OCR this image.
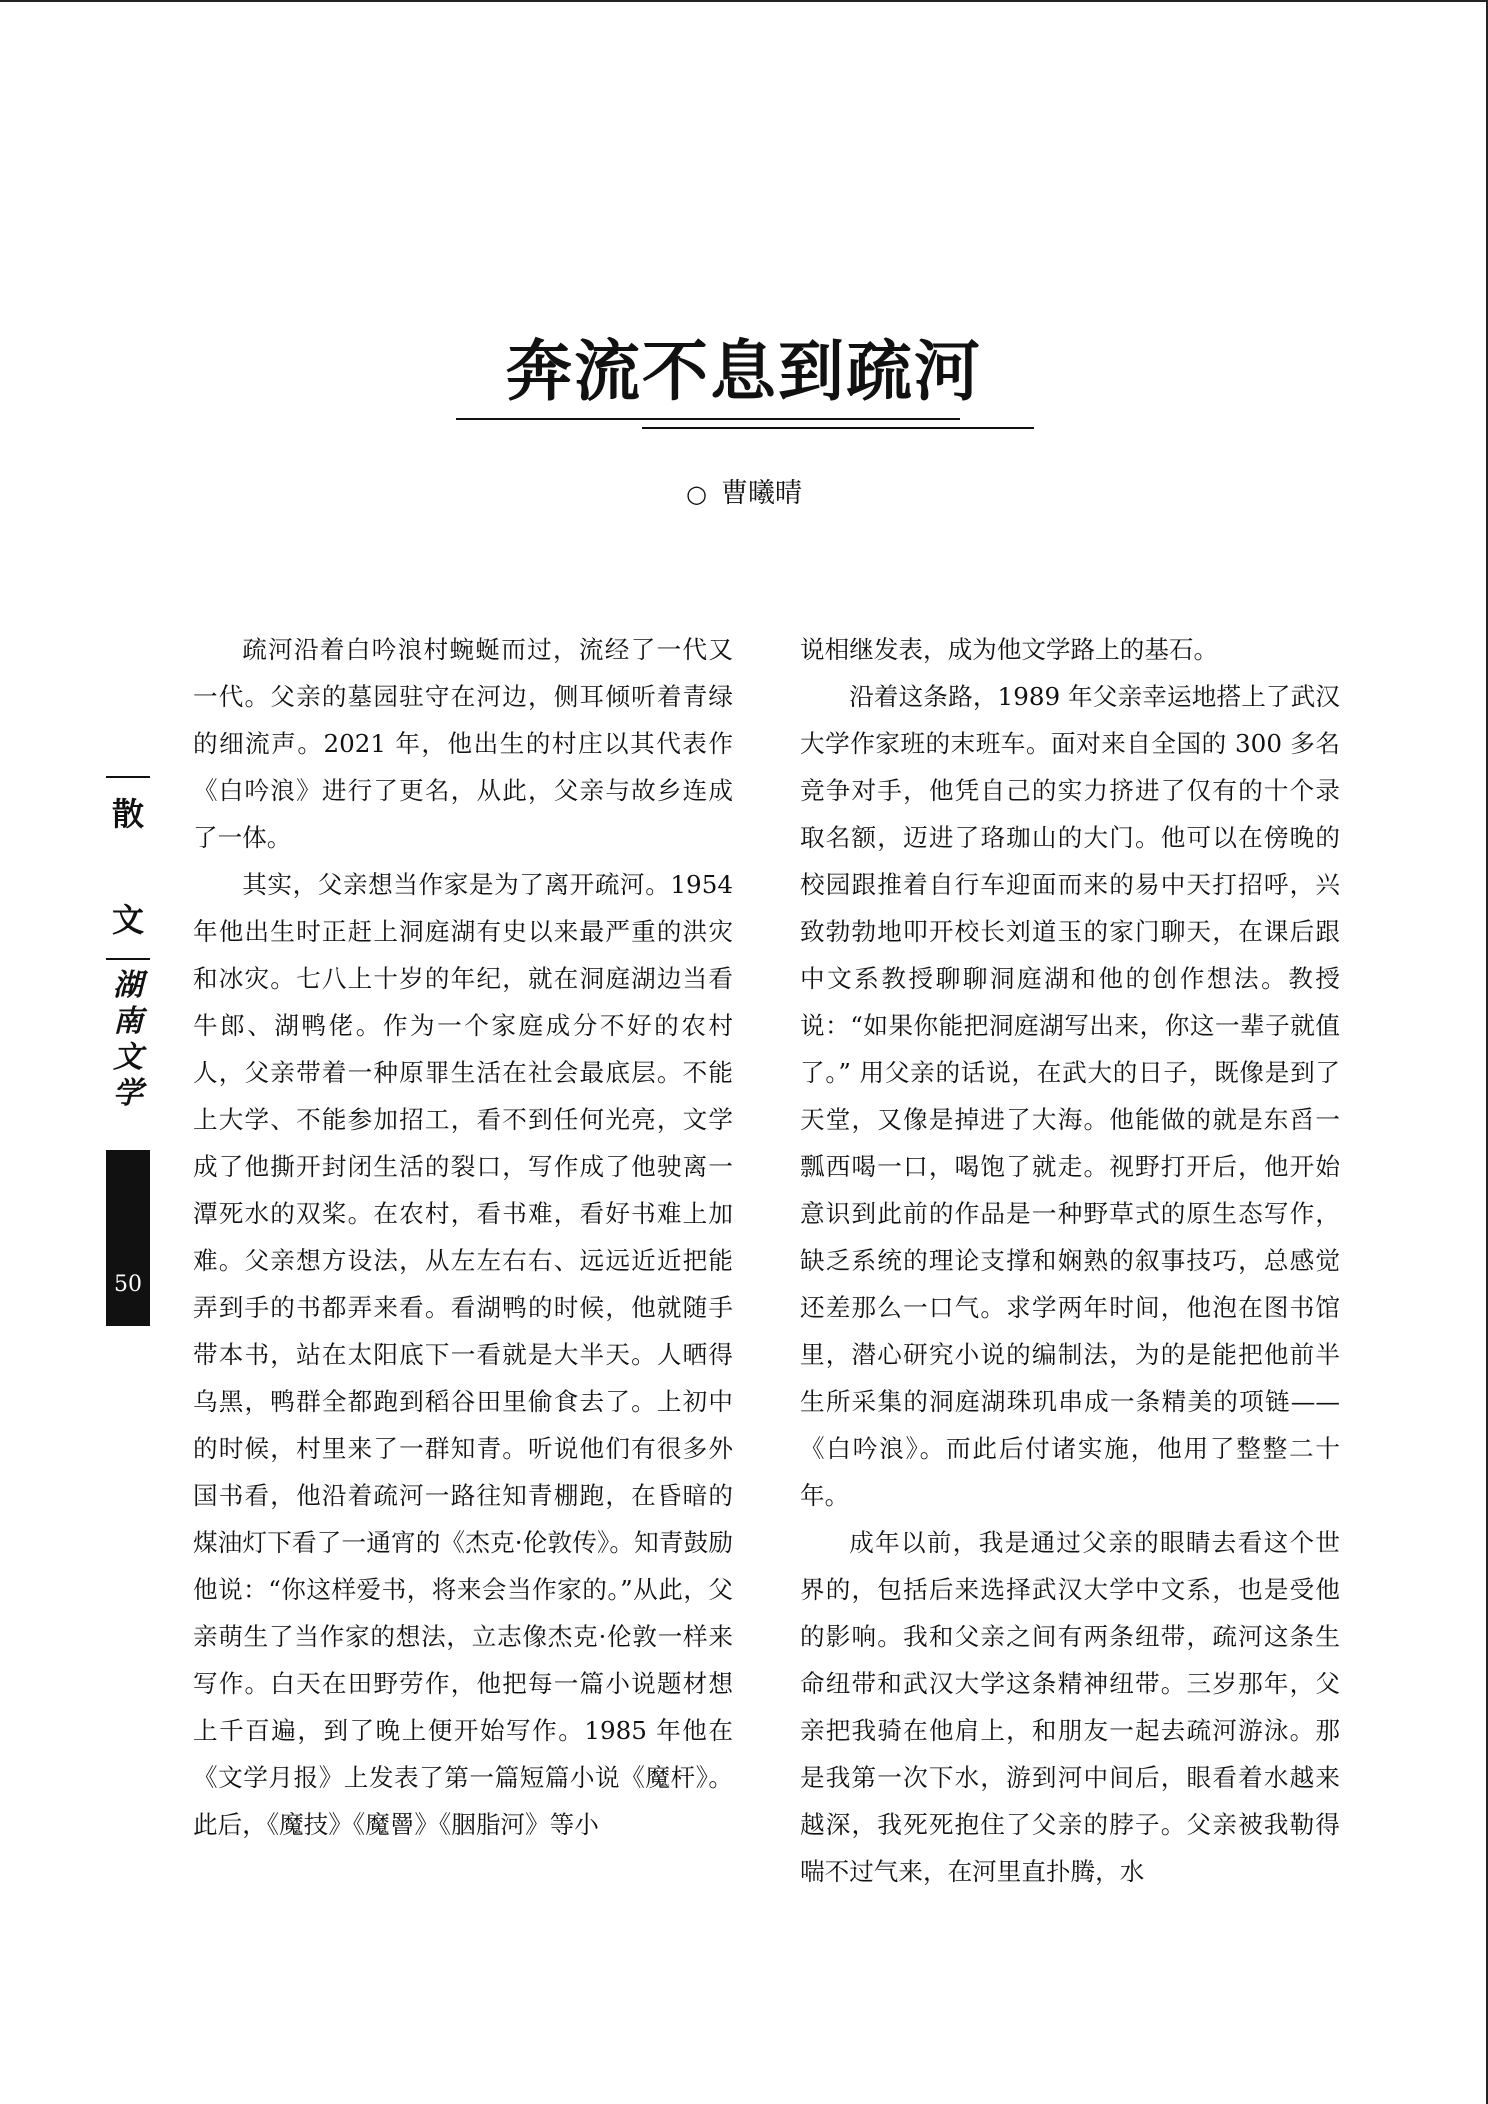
奔流不息到疏河
○ 曹曦晴
散
文
湖南文学
50

疏河沿着白吟浪村蜿蜒而过，流经了一代又一代。父亲的墓园驻守在河边，侧耳倾听着青绿的细流声。2021 年，他出生的村庄以其代表作《白吟浪》进行了更名，从此，父亲与故乡连成了一体。

其实，父亲想当作家是为了离开疏河。1954 年他出生时正赶上洞庭湖有史以来最严重的洪灾和冰灾。七八上十岁的年纪，就在洞庭湖边当看牛郎、湖鸭佬。作为一个家庭成分不好的农村人，父亲带着一种原罪生活在社会最底层。不能上大学、不能参加招工，看不到任何光亮，文学成了他撕开封闭生活的裂口，写作成了他驶离一潭死水的双桨。在农村，看书难，看好书难上加难。父亲想方设法，从左左右右、远远近近把能弄到手的书都弄来看。看湖鸭的时候，他就随手带本书，站在太阳底下一看就是大半天。人晒得乌黑，鸭群全都跑到稻谷田里偷食去了。上初中的时候，村里来了一群知青。听说他们有很多外国书看，他沿着疏河一路往知青棚跑，在昏暗的煤油灯下看了一通宵的《杰克·伦敦传》。知青鼓励他说：“你这样爱书，将来会当作家的。”从此，父亲萌生了当作家的想法，立志像杰克·伦敦一样来写作。白天在田野劳作，他把每一篇小说题材想上千百遍，到了晚上便开始写作。1985 年他在《文学月报》上发表了第一篇短篇小说《魔杆》。此后，《魔技》《魔罾》《胭脂河》等小

说相继发表，成为他文学路上的基石。

沿着这条路，1989 年父亲幸运地搭上了武汉大学作家班的末班车。面对来自全国的 300 多名竞争对手，他凭自己的实力挤进了仅有的十个录取名额，迈进了珞珈山的大门。他可以在傍晚的校园跟推着自行车迎面而来的易中天打招呼，兴致勃勃地叩开校长刘道玉的家门聊天，在课后跟中文系教授聊聊洞庭湖和他的创作想法。教授说：“如果你能把洞庭湖写出来，你这一辈子就值了。” 用父亲的话说，在武大的日子，既像是到了天堂，又像是掉进了大海。他能做的就是东舀一瓢西喝一口，喝饱了就走。视野打开后，他开始意识到此前的作品是一种野草式的原生态写作，缺乏系统的理论支撑和娴熟的叙事技巧，总感觉还差那么一口气。求学两年时间，他泡在图书馆里，潜心研究小说的编制法，为的是能把他前半生所采集的洞庭湖珠玑串成一条精美的项链——《白吟浪》。而此后付诸实施，他用了整整二十年。

成年以前，我是通过父亲的眼睛去看这个世界的，包括后来选择武汉大学中文系，也是受他的影响。我和父亲之间有两条纽带，疏河这条生命纽带和武汉大学这条精神纽带。三岁那年，父亲把我骑在他肩上，和朋友一起去疏河游泳。那是我第一次下水，游到河中间后，眼看着水越来越深，我死死抱住了父亲的脖子。父亲被我勒得喘不过气来，在河里直扑腾，水
